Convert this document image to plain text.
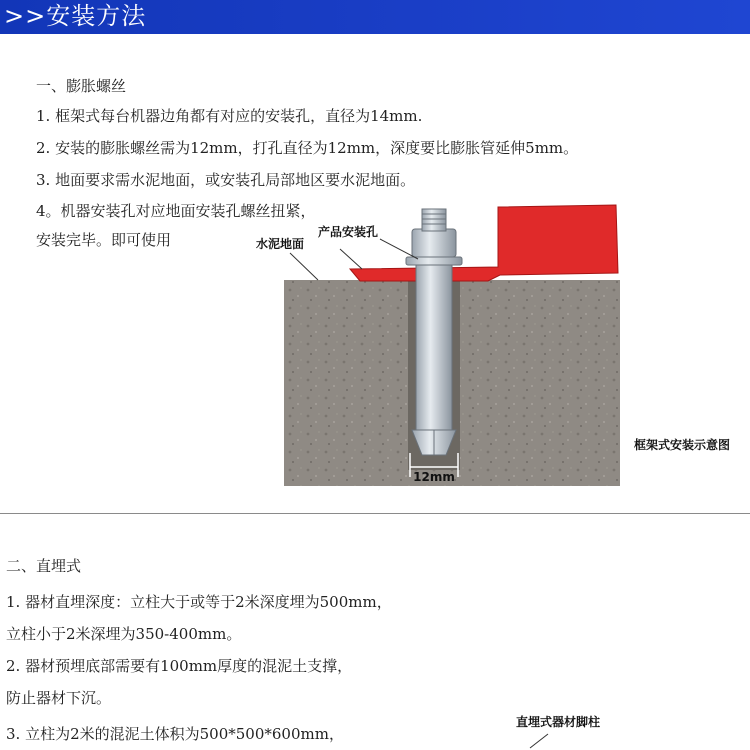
>>安装方法
一、膨胀螺丝
1. 框架式每台机器边角都有对应的安装孔，直径为14mm.
2. 安装的膨胀螺丝需为12mm，打孔直径为12mm，深度要比膨胀管延伸5mm。
3. 地面要求需水泥地面，或安装孔局部地区要水泥地面。
4。机器安装孔对应地面安装孔螺丝扭紧，
安装完毕。即可使用
12mm
产品安装孔
水泥地面
框架式安装示意图
二、直埋式
1. 器材直埋深度：立柱大于或等于2米深度埋为500mm，
立柱小于2米深埋为350-400mm。
2. 器材预埋底部需要有100mm厚度的混泥土支撑，
防止器材下沉。
3. 立柱为2米的混泥土体积为500*500*600mm，
直埋式器材脚柱
